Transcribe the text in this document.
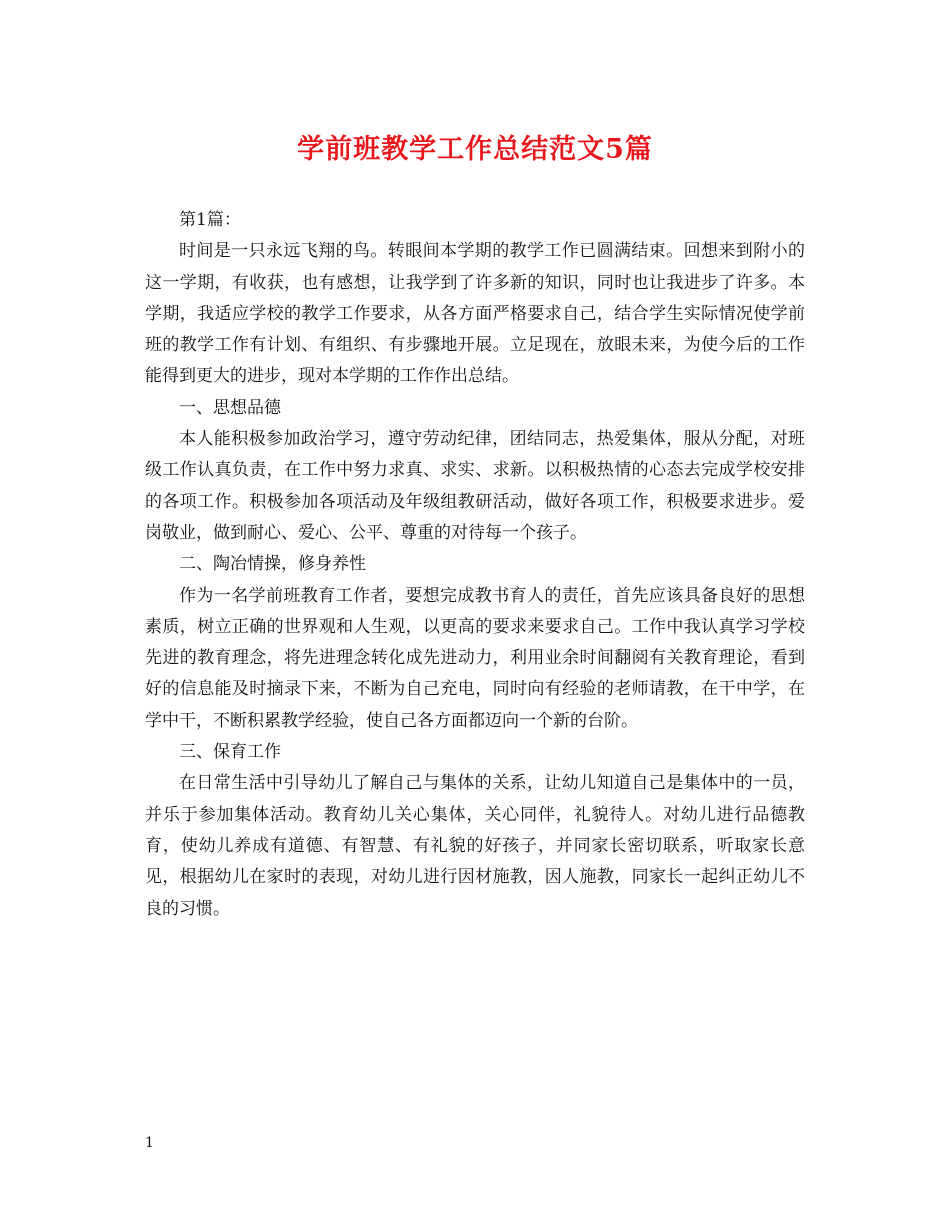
学前班教学工作总结范文5篇

第1篇：

时间是一只永远飞翔的鸟。转眼间本学期的教学工作已圆满结束。回想来到附小的这一学期，有收获，也有感想，让我学到了许多新的知识，同时也让我进步了许多。本学期，我适应学校的教学工作要求，从各方面严格要求自己，结合学生实际情况使学前班的教学工作有计划、有组织、有步骤地开展。立足现在，放眼未来，为使今后的工作能得到更大的进步，现对本学期的工作作出总结。

一、思想品德

本人能积极参加政治学习，遵守劳动纪律，团结同志，热爱集体，服从分配，对班级工作认真负责，在工作中努力求真、求实、求新。以积极热情的心态去完成学校安排的各项工作。积极参加各项活动及年级组教研活动，做好各项工作，积极要求进步。爱岗敬业，做到耐心、爱心、公平、尊重的对待每一个孩子。

二、陶冶情操，修身养性

作为一名学前班教育工作者，要想完成教书育人的责任，首先应该具备良好的思想素质，树立正确的世界观和人生观，以更高的要求来要求自己。工作中我认真学习学校先进的教育理念，将先进理念转化成先进动力，利用业余时间翻阅有关教育理论，看到好的信息能及时摘录下来，不断为自己充电，同时向有经验的老师请教，在干中学，在学中干，不断积累教学经验，使自己各方面都迈向一个新的台阶。

三、保育工作

在日常生活中引导幼儿了解自己与集体的关系，让幼儿知道自己是集体中的一员，并乐于参加集体活动。教育幼儿关心集体，关心同伴，礼貌待人。对幼儿进行品德教育，使幼儿养成有道德、有智慧、有礼貌的好孩子，并同家长密切联系，听取家长意见，根据幼儿在家时的表现，对幼儿进行因材施教，因人施教，同家长一起纠正幼儿不良的习惯。

1
